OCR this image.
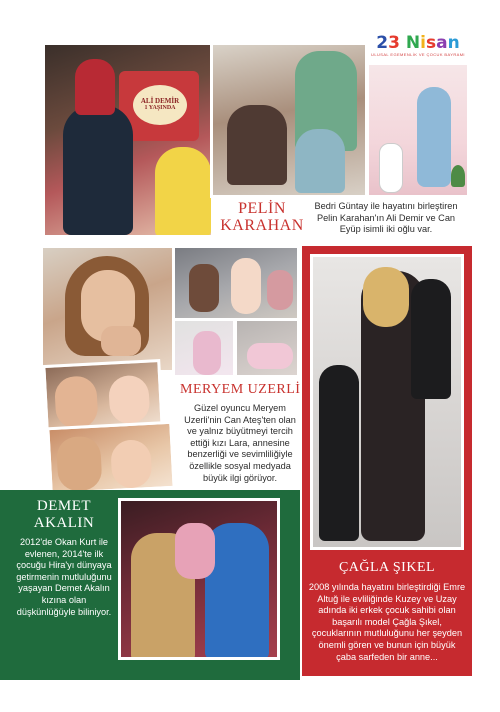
23 Nisan
ULUSAL EGEMENLİK VE ÇOCUK BAYRAMI
ALİ DEMİR
1 YAŞINDA
PELİN
KARAHAN
Bedri Güntay ile hayatını birleştiren Pelin Karahan'ın Ali Demir ve Can Eyüp isimli iki oğlu var.
MERYEM UZERLİ
Güzel oyuncu Meryem Uzerli'nin Can Ateş'ten olan ve yalnız büyütmeyi tercih ettiği kızı Lara, annesine benzerliği ve sevimliliğiyle özellikle sosyal medyada büyük ilgi görüyor.
DEMET
AKALIN
2012'de Okan Kurt ile evlenen, 2014'te ilk çocuğu Hira'yı dünyaya getirmenin mutluluğunu yaşayan Demet Akalın kızına olan düşkünlüğüyle biliniyor.
ÇAĞLA ŞIKEL
2008 yılında hayatını birleştirdiği Emre Altuğ ile evliliğinde Kuzey ve Uzay adında iki erkek çocuk sahibi olan başarılı model Çağla Şıkel, çocuklarının mutluluğunu her şeyden önemli gören ve bunun için büyük çaba sarfeden bir anne...
